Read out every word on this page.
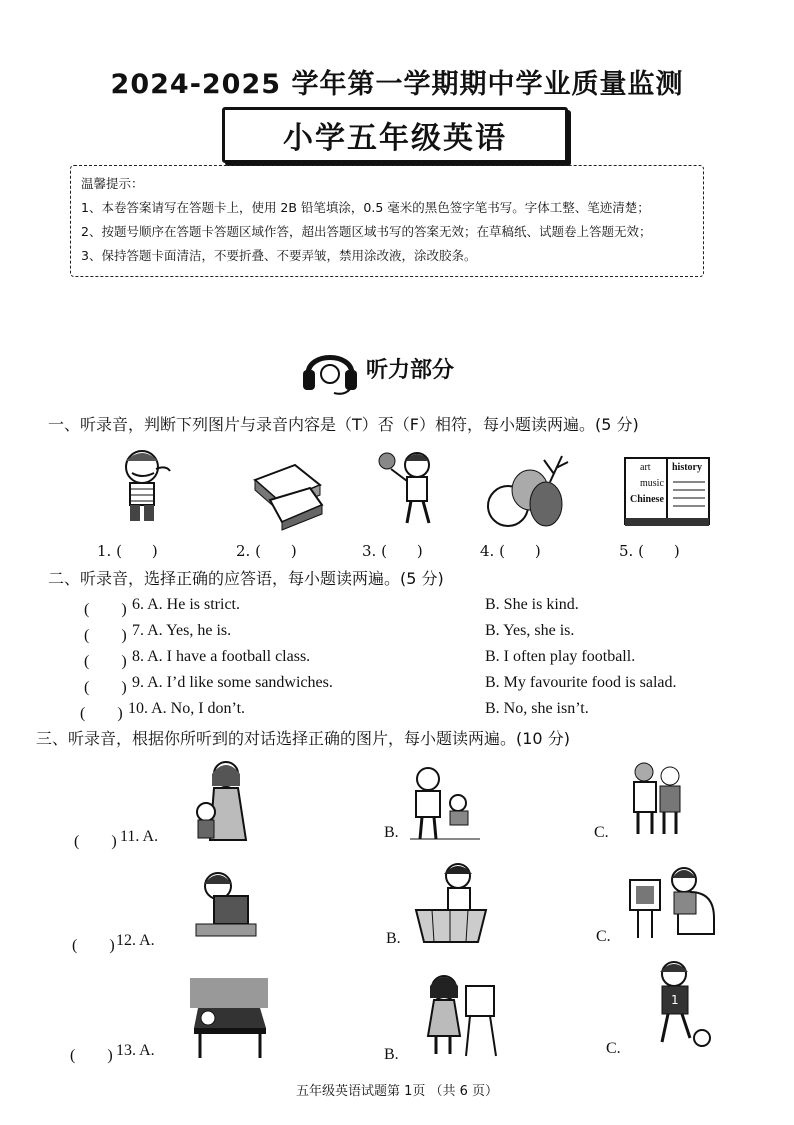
2024-2025 学年第一学期期中学业质量监测
小学五年级英语
温馨提示：
1、本卷答案请写在答题卡上，使用 2B 铅笔填涂，0.5 毫米的黑色签字笔书写。字体工整、笔迹清楚；
2、按题号顺序在答题卡答题区域作答，超出答题区域书写的答案无效；在草稿纸、试题卷上答题无效；
3、保持答题卡面清洁，不要折叠、不要弄皱，禁用涂改液，涂改胶条。
听力部分
一、听录音，判断下列图片与录音内容是（T）否（F）相符，每小题读两遍。(5 分)
art
music
Chinese
history
1. (　　)	2. (　　)	3. (　　)	4. (　　)	5. (　　)
二、听录音，选择正确的应答语，每小题读两遍。(5 分)
(　　) 6. A. He is strict.	B. She is kind.
(　　) 7. A. Yes, he is.	B. Yes, she is.
(　　) 8. A. I have a football class.	B. I often play football.
(　　) 9. A. I’d like some sandwiches.	B. My favourite food is salad.
(　　) 10. A. No, I don’t.	B. No, she isn’t.
三、听录音，根据你所听到的对话选择正确的图片，每小题读两遍。(10 分)
(　　) 11. A.	B.	C.
(　　) 12. A.	B.	C.
1
(　　) 13. A.	B.	C.
五年级英语试题第 1页 （共 6 页）
